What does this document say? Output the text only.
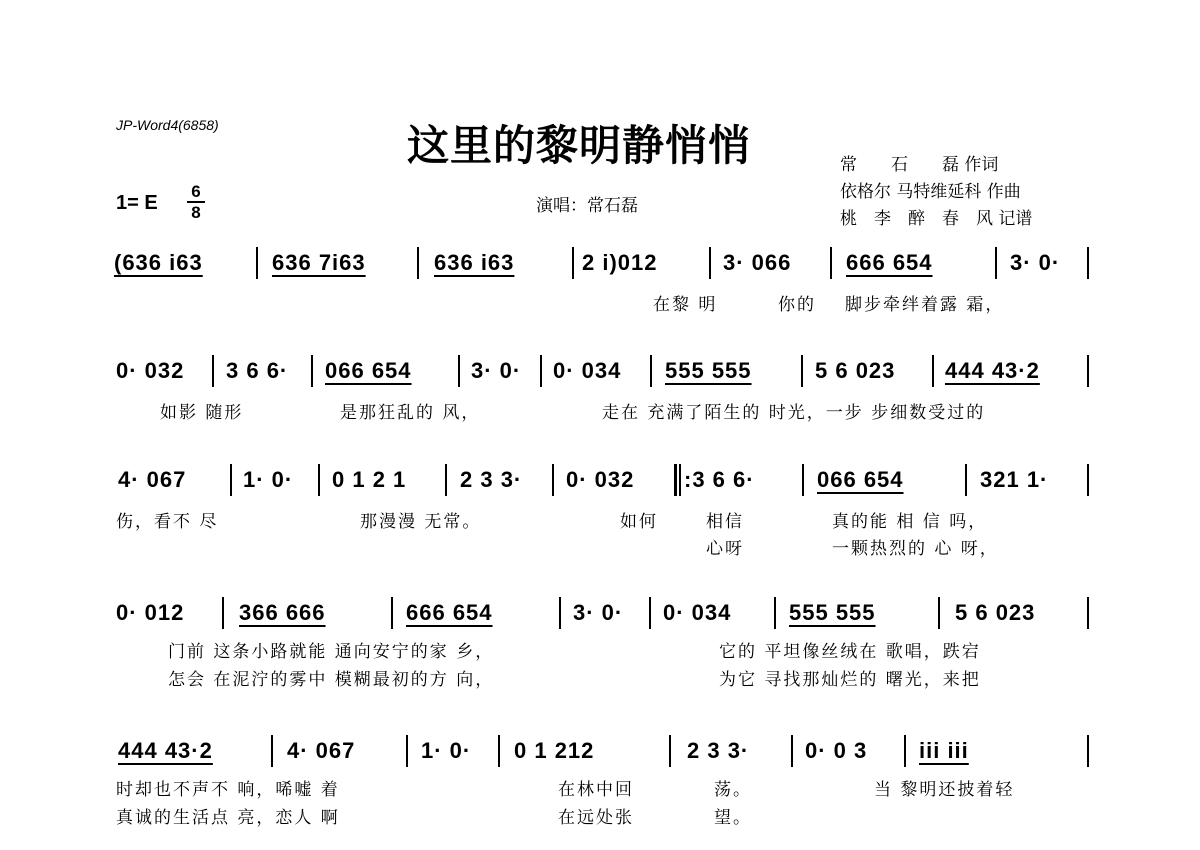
JP-Word4(6858)	这里的黎明静悄悄
1= E
6
8	演唱：常石磊
常　　石　　磊 作词
依格尔 马特维延科 作曲
桃　李　醉　春　风 记谱
(636 i63	636 7i63	636 i63	2 i)012	3· 066 666 654	3· 0·
在黎 明	你的 脚步牵绊着露 霜，
0· 032 3 6 6· 066 654	3· 0· 0· 034 555 555	5 6 023 444 43·2
如影 随形	是那狂乱的 风，	走在 充满了陌生的 时光，一步 步细数受过的
4· 067	1· 0· 0 1 2 1 2 3 3· 0· 032 :3 6 6·	066 654	321 1·
伤，看不 尽	那漫漫 无常。	如何	相信	真的能 相 信 吗，
心呀	一颗热烈的 心 呀，
0· 012 366 666	666 654	3· 0· 0· 034	555 555	5 6 023
门前 这条小路就能 通向安宁的家 乡，	它的 平坦像丝绒在 歌唱，跌宕
怎会 在泥泞的雾中 模糊最初的方 向，	为它 寻找那灿烂的 曙光，来把
444 43·2	4· 067	1· 0· 0 1 212	2 3 3·	0· 0 3 iii iii
时却也不声不 响，唏嘘 着	在林中回	荡。	当 黎明还披着轻
真诚的生活点 亮，恋人 啊	在远处张	望。
